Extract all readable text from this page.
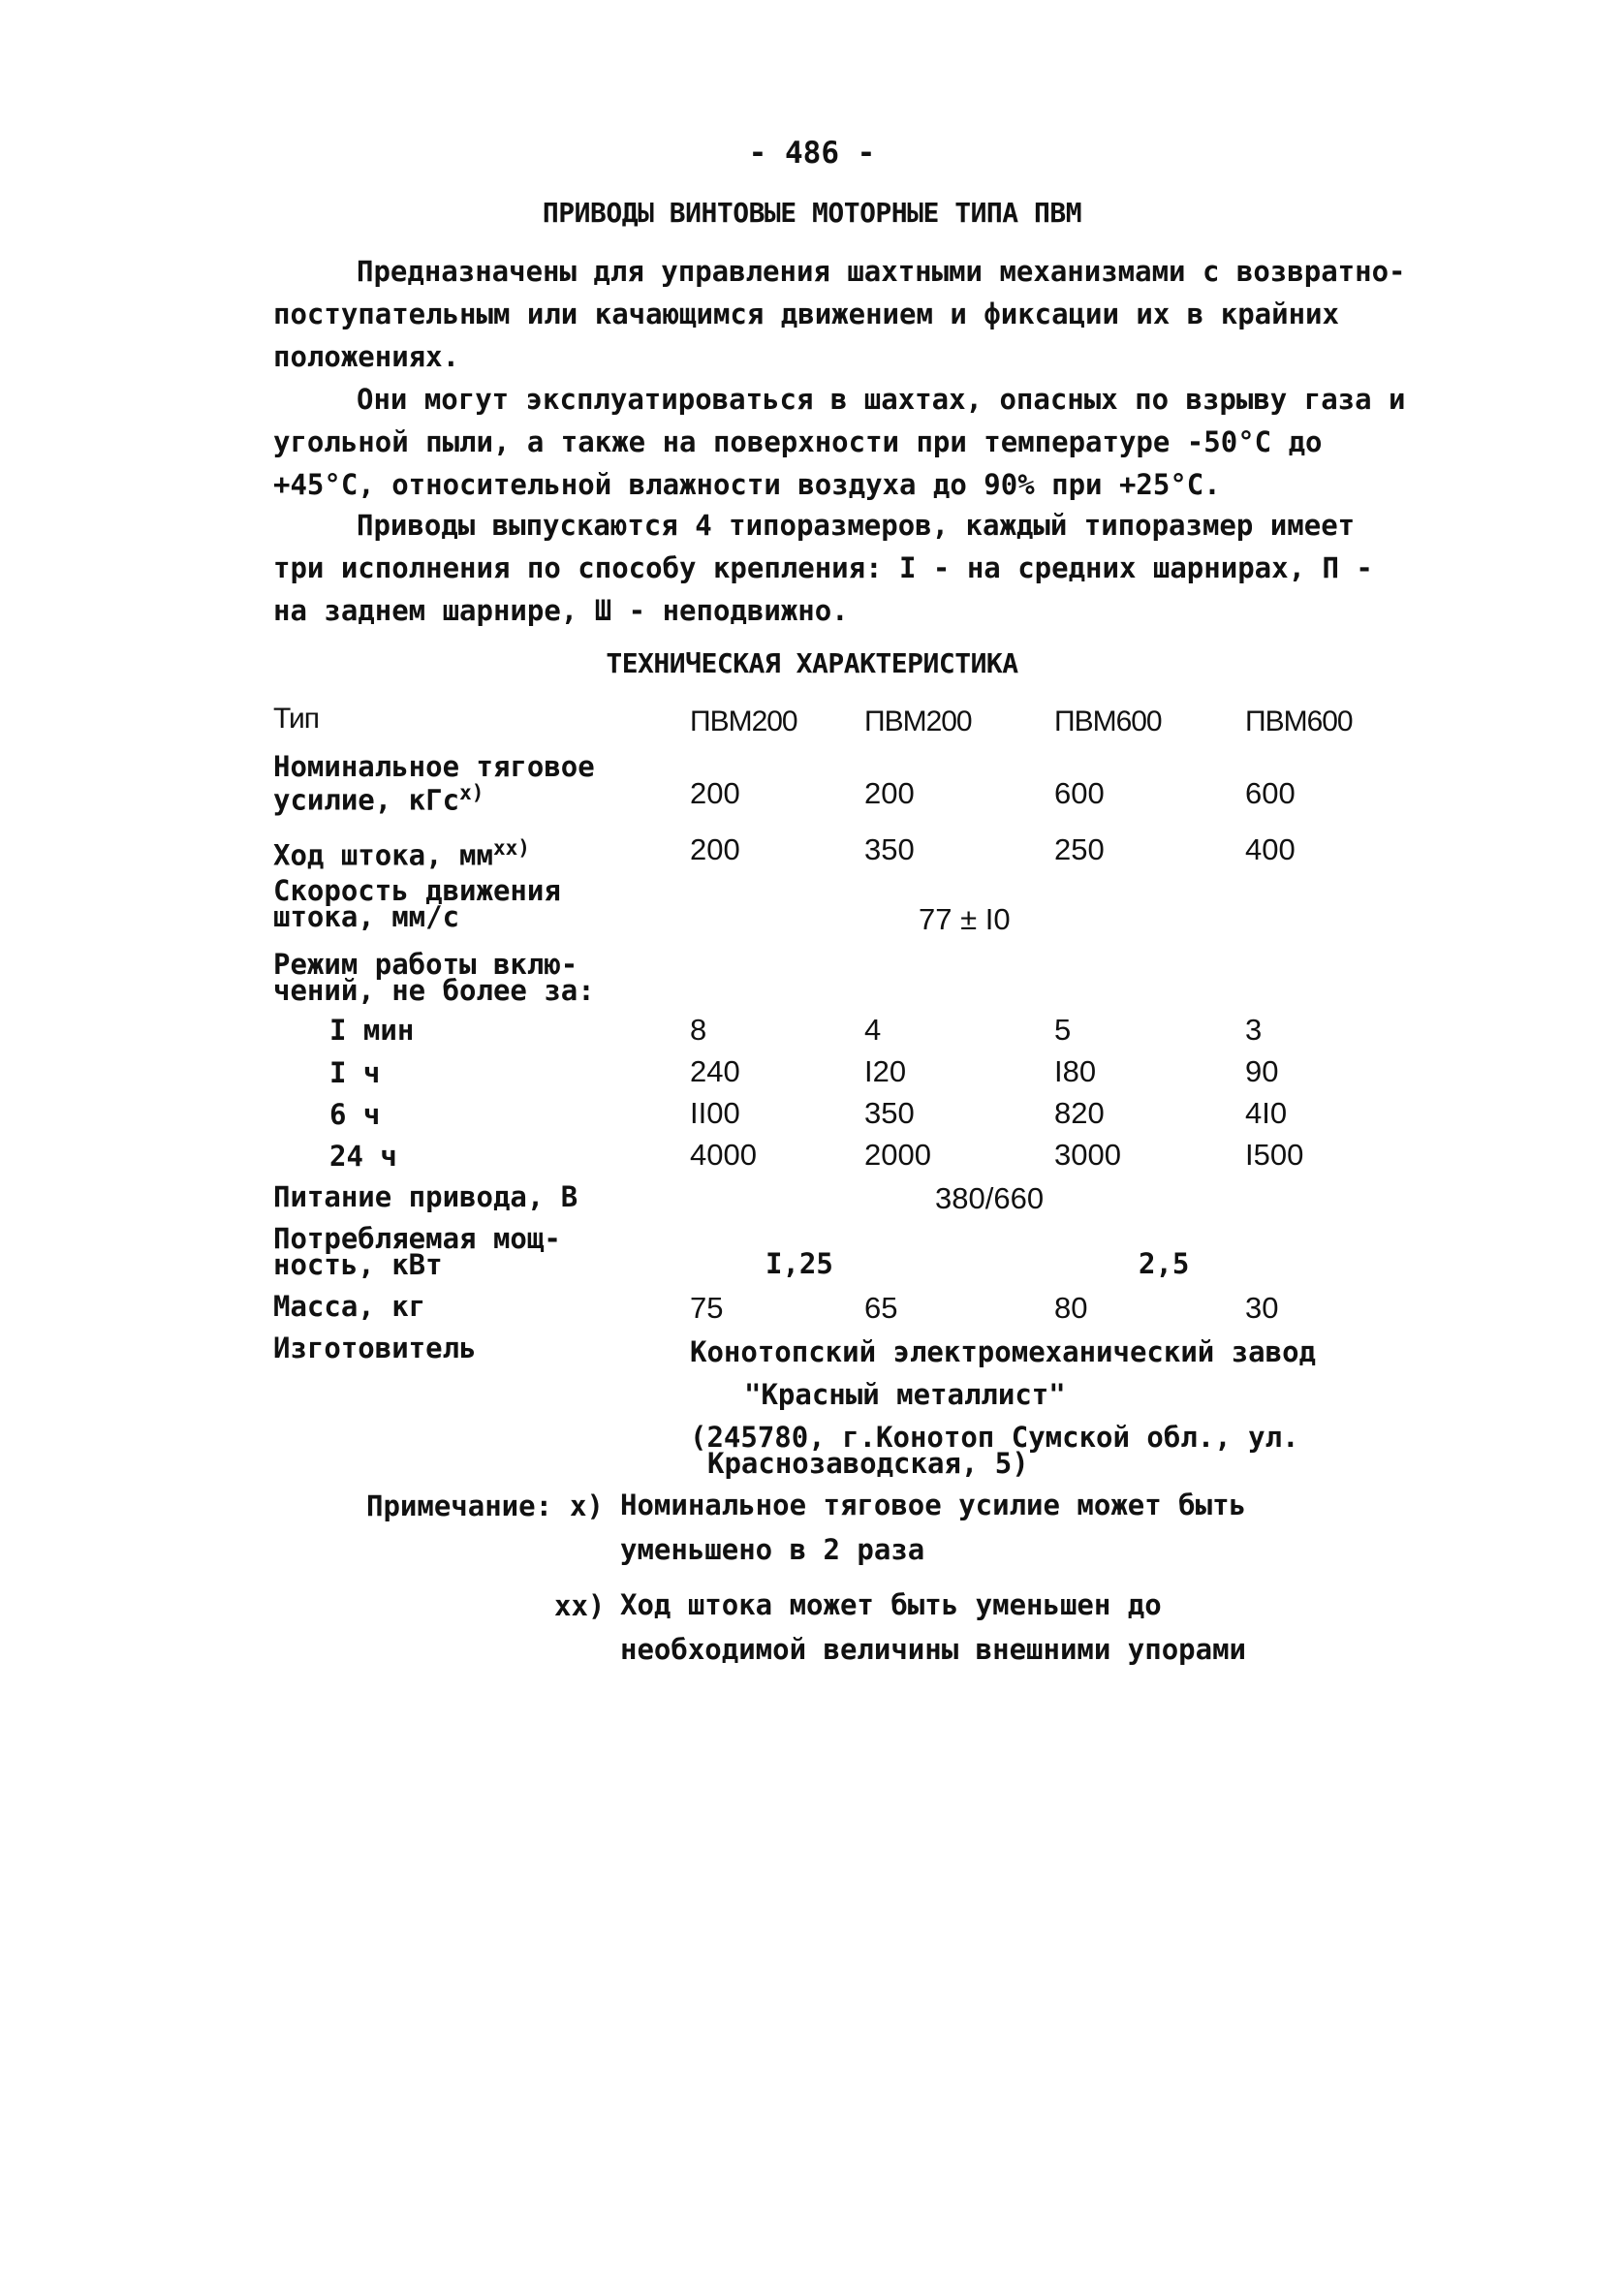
- 486 -
ПРИВОДЫ ВИНТОВЫЕ МОТОРНЫЕ ТИПА ПВМ
Предназначены для управления шахтными механизмами с возвратно-поступательным или качающимся движением и фиксации их в крайних положениях.
Они могут эксплуатироваться в шахтах, опасных по взрыву газа и угольной пыли, а также на поверхности при температуре -50°С до +45°С, относительной влажности воздуха до 90% при +25°С.
Приводы выпускаются 4 типоразмеров, каждый типоразмер имеет три исполнения по способу крепления: I - на средних шарнирах, П - на заднем шарнире, Ш - неподвижно.
ТЕХНИЧЕСКАЯ ХАРАКТЕРИСТИКА
Тип	ПВМ200 ПВМ200	ПВМ600	ПВМ600
Номинальное тяговое
усилие, кГс$^{x)}$	200	200	600	600
Ход штока, $мм^{xx)}$	200	350	250	400
Скорость движения
штока, мм/с	77 ± I0
Режим работы вклю-
чений, не более за:
I мин	8	4	5	3
I ч	240	I20	I80	90
6 ч	II00	350	820	4I0
24 ч	4000	2000	3000	I500
Питание привода, В	380/660
Потребляемая мощ-
ность, кВт	I,25	2,5
Масса, кг	75	65	80	30
Изготовитель	Конотопский электромеханический завод
"Красный металлист"
(245780, г.Конотоп Сумской обл., ул.
Краснозаводская, 5)
Примечание: x) Номинальное тяговое усилие может быть уменьшено в 2 раза
xx) Ход штока может быть уменьшен до необходимой величины внешними упорами
